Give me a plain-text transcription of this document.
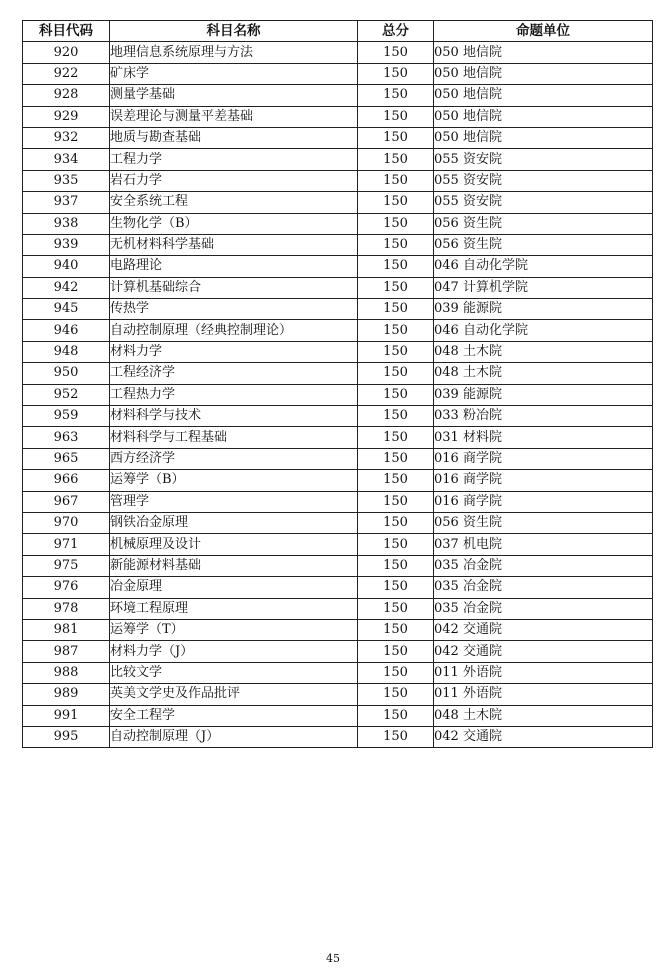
科目代码	科目名称	总分	命题单位
920	地理信息系统原理与方法	150	050 地信院
922	矿床学	150	050 地信院
928	测量学基础	150	050 地信院
929	误差理论与测量平差基础	150	050 地信院
932	地质与勘查基础	150	050 地信院
934	工程力学	150	055 资安院
935	岩石力学	150	055 资安院
937	安全系统工程	150	055 资安院
938	生物化学（B）	150	056 资生院
939	无机材料科学基础	150	056 资生院
940	电路理论	150	046 自动化学院
942	计算机基础综合	150	047 计算机学院
945	传热学	150	039 能源院
946	自动控制原理（经典控制理论）	150	046 自动化学院
948	材料力学	150	048 土木院
950	工程经济学	150	048 土木院
952	工程热力学	150	039 能源院
959	材料科学与技术	150	033 粉冶院
963	材料科学与工程基础	150	031 材料院
965	西方经济学	150	016 商学院
966	运筹学（B）	150	016 商学院
967	管理学	150	016 商学院
970	钢铁冶金原理	150	056 资生院
971	机械原理及设计	150	037 机电院
975	新能源材料基础	150	035 冶金院
976	冶金原理	150	035 冶金院
978	环境工程原理	150	035 冶金院
981	运筹学（T）	150	042 交通院
987	材料力学（J）	150	042 交通院
988	比较文学	150	011 外语院
989	英美文学史及作品批评	150	011 外语院
991	安全工程学	150	048 土木院
995	自动控制原理（J）	150	042 交通院
45
